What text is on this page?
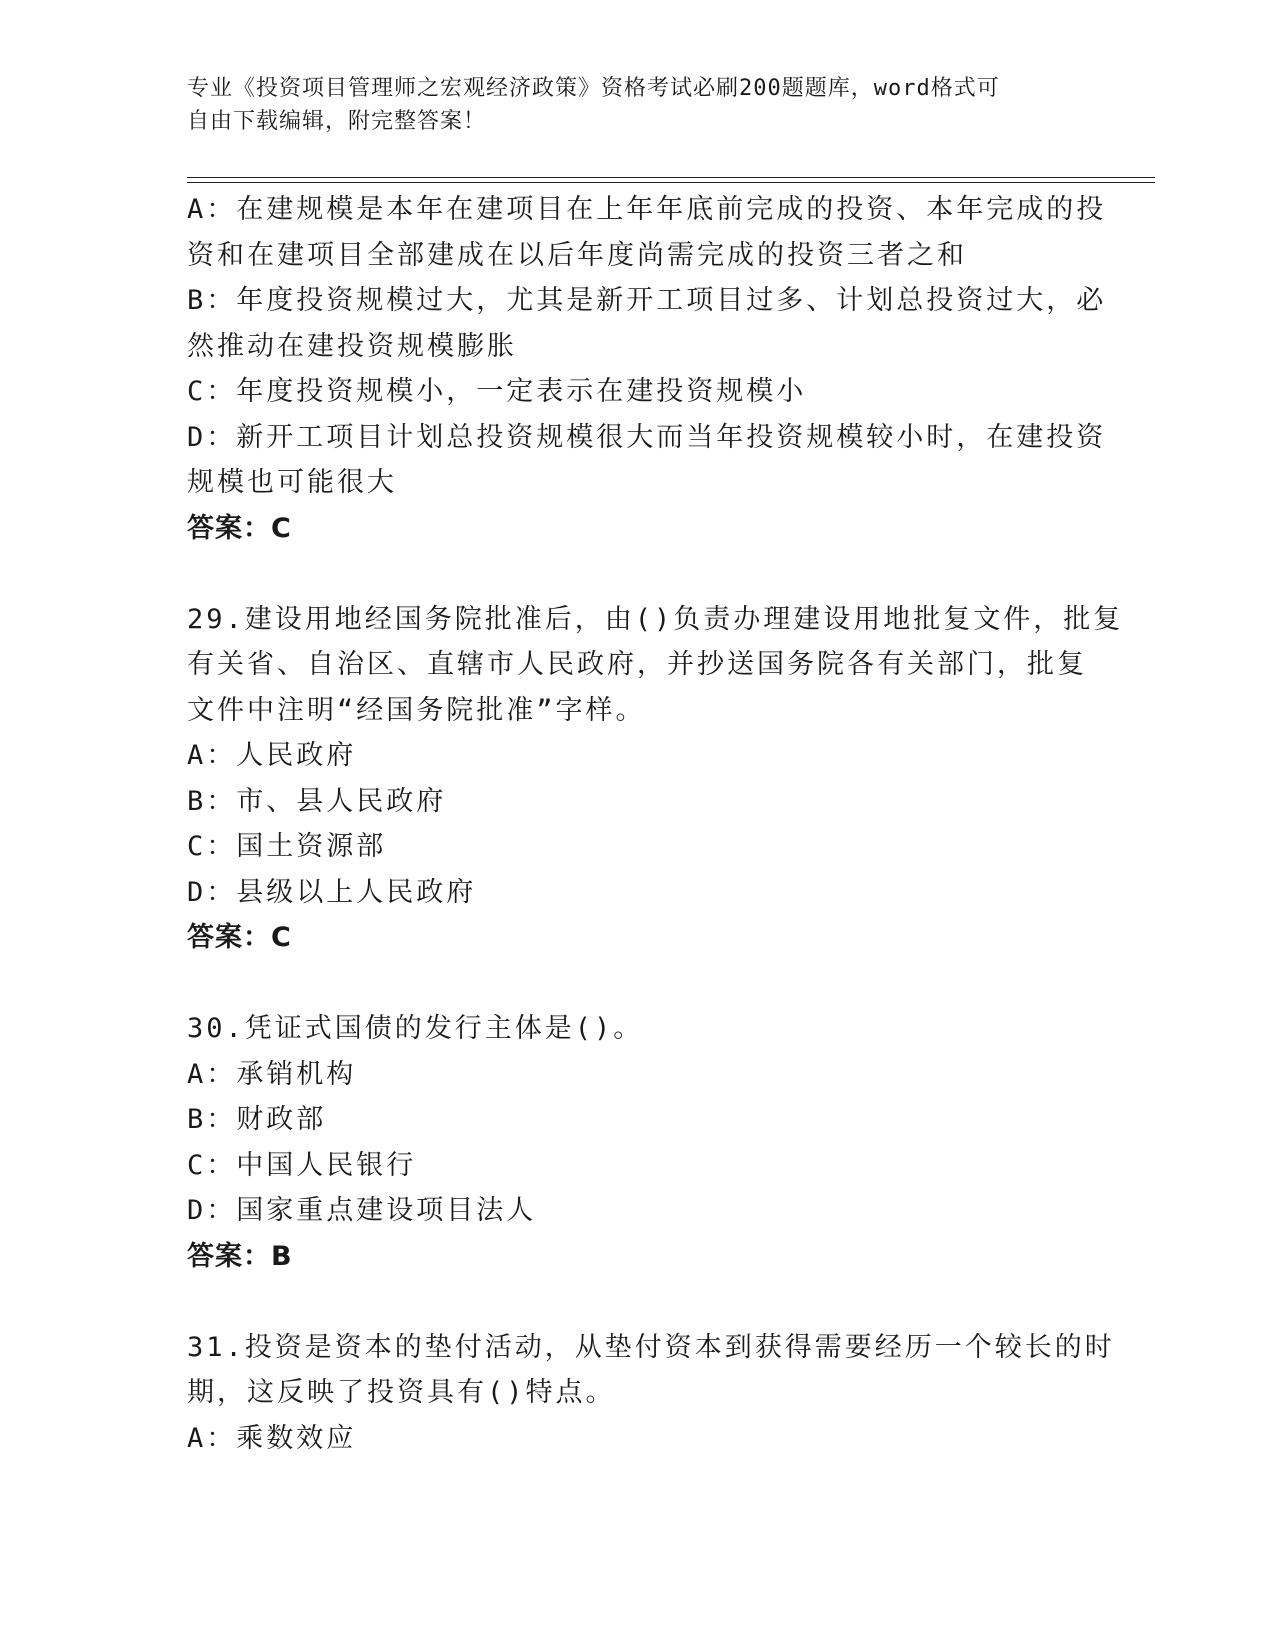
专业《投资项目管理师之宏观经济政策》资格考试必刷200题题库，word格式可
自由下载编辑，附完整答案！
A：在建规模是本年在建项目在上年年底前完成的投资、本年完成的投
资和在建项目全部建成在以后年度尚需完成的投资三者之和
B：年度投资规模过大，尤其是新开工项目过多、计划总投资过大，必
然推动在建投资规模膨胀
C：年度投资规模小，一定表示在建投资规模小
D：新开工项目计划总投资规模很大而当年投资规模较小时，在建投资
规模也可能很大
答案：C
29.建设用地经国务院批准后，由()负责办理建设用地批复文件，批复
有关省、自治区、直辖市人民政府，并抄送国务院各有关部门，批复
文件中注明“经国务院批准”字样。
A：人民政府
B：市、县人民政府
C：国土资源部
D：县级以上人民政府
答案：C
30.凭证式国债的发行主体是()。
A：承销机构
B：财政部
C：中国人民银行
D：国家重点建设项目法人
答案：B
31.投资是资本的垫付活动，从垫付资本到获得需要经历一个较长的时
期，这反映了投资具有()特点。
A：乘数效应
